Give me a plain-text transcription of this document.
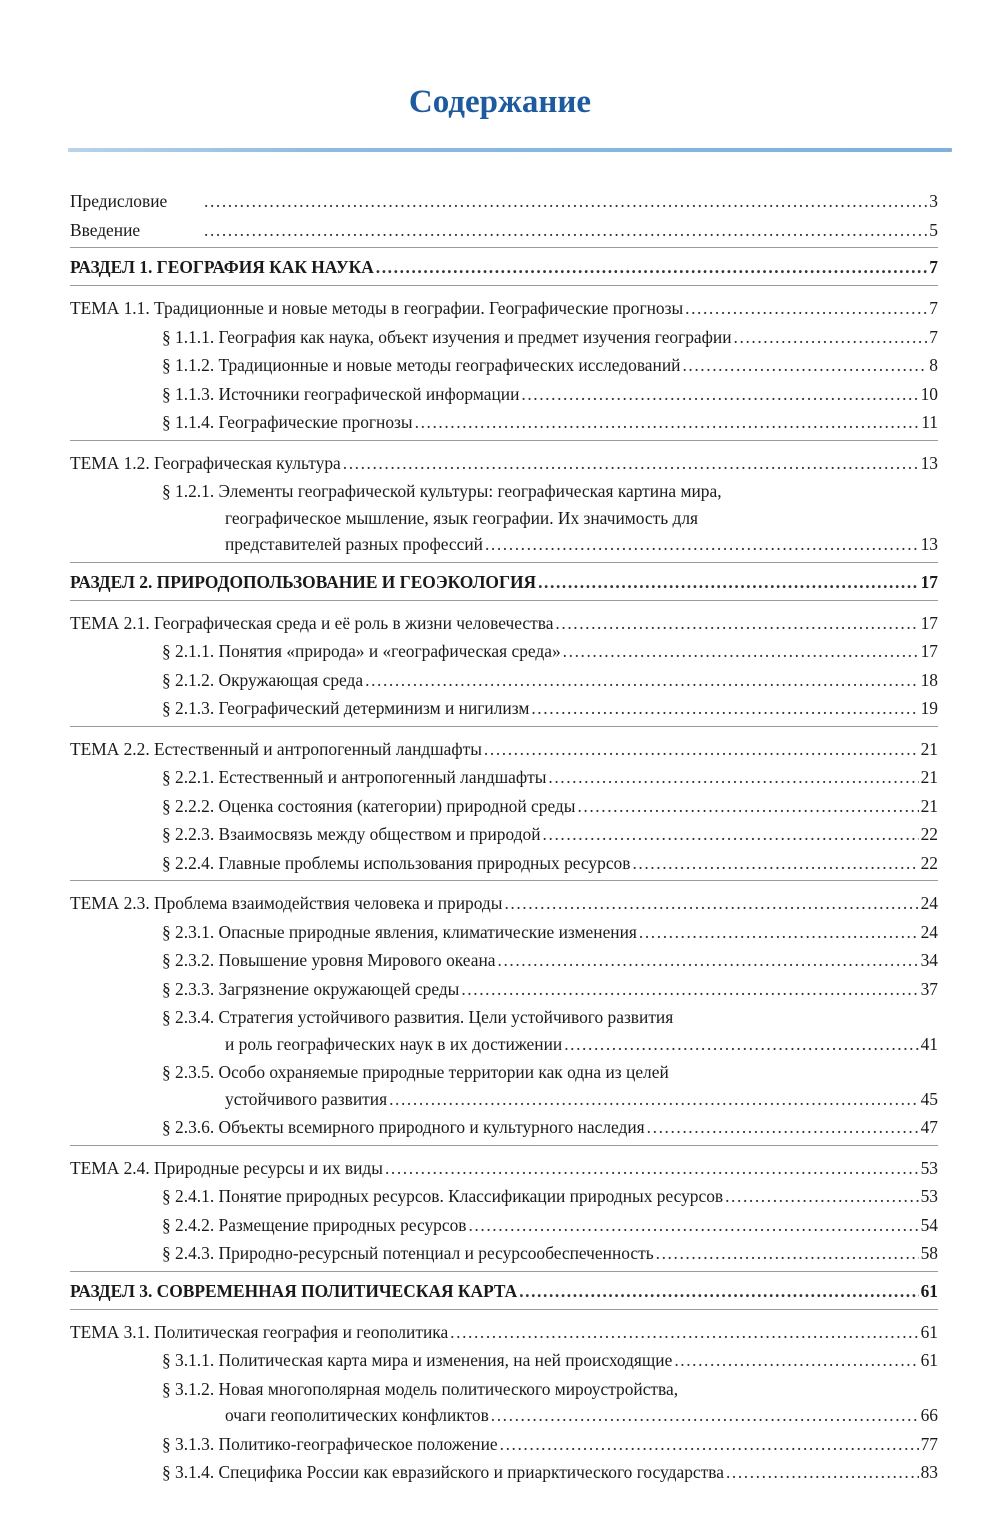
Содержание
Предисловие .....	3
Введение .....	5
РАЗДЕЛ 1. ГЕОГРАФИЯ КАК НАУКА .....	7
ТЕМА 1.1. Традиционные и новые методы в географии. Географические прогнозы .....	7
§ 1.1.1. География как наука, объект изучения и предмет изучения географии .....	7
§ 1.1.2. Традиционные и новые методы географических исследований .....	8
§ 1.1.3. Источники географической информации .....	10
§ 1.1.4. Географические прогнозы .....	11
ТЕМА 1.2. Географическая культура .....	13
§ 1.2.1. Элементы географической культуры: географическая картина мира,
географическое мышление, язык географии. Их значимость для
представителей разных профессий .....	13
РАЗДЕЛ 2. ПРИРОДОПОЛЬЗОВАНИЕ И ГЕОЭКОЛОГИЯ .....	17
ТЕМА 2.1. Географическая среда и её роль в жизни человечества .....	17
§ 2.1.1. Понятия «природа» и «географическая среда» .....	17
§ 2.1.2. Окружающая среда .....	18
§ 2.1.3. Географический детерминизм и нигилизм .....	19
ТЕМА 2.2. Естественный и антропогенный ландшафты .....	21
§ 2.2.1. Естественный и антропогенный ландшафты .....	21
§ 2.2.2. Оценка состояния (категории) природной среды .....	21
§ 2.2.3. Взаимосвязь между обществом и природой .....	22
§ 2.2.4. Главные проблемы использования природных ресурсов .....	22
ТЕМА 2.3. Проблема взаимодействия человека и природы .....	24
§ 2.3.1. Опасные природные явления, климатические изменения .....	24
§ 2.3.2. Повышение уровня Мирового океана .....	34
§ 2.3.3. Загрязнение окружающей среды .....	37
§ 2.3.4. Стратегия устойчивого развития. Цели устойчивого развития
и роль географических наук в их достижении .....	41
§ 2.3.5. Особо охраняемые природные территории как одна из целей
устойчивого развития .....	45
§ 2.3.6. Объекты всемирного природного и культурного наследия .....	47
ТЕМА 2.4. Природные ресурсы и их виды .....	53
§ 2.4.1. Понятие природных ресурсов. Классификации природных ресурсов .....	53
§ 2.4.2. Размещение природных ресурсов .....	54
§ 2.4.3. Природно-ресурсный потенциал и ресурсообеспеченность .....	58
РАЗДЕЛ 3. СОВРЕМЕННАЯ ПОЛИТИЧЕСКАЯ КАРТА .....	61
ТЕМА 3.1. Политическая география и геополитика .....	61
§ 3.1.1. Политическая карта мира и изменения, на ней происходящие .....	61
§ 3.1.2. Новая многополярная модель политического мироустройства,
очаги геополитических конфликтов .....	66
§ 3.1.3. Политико-географическое положение .....	77
§ 3.1.4. Специфика России как евразийского и приарктического государства .....	83
